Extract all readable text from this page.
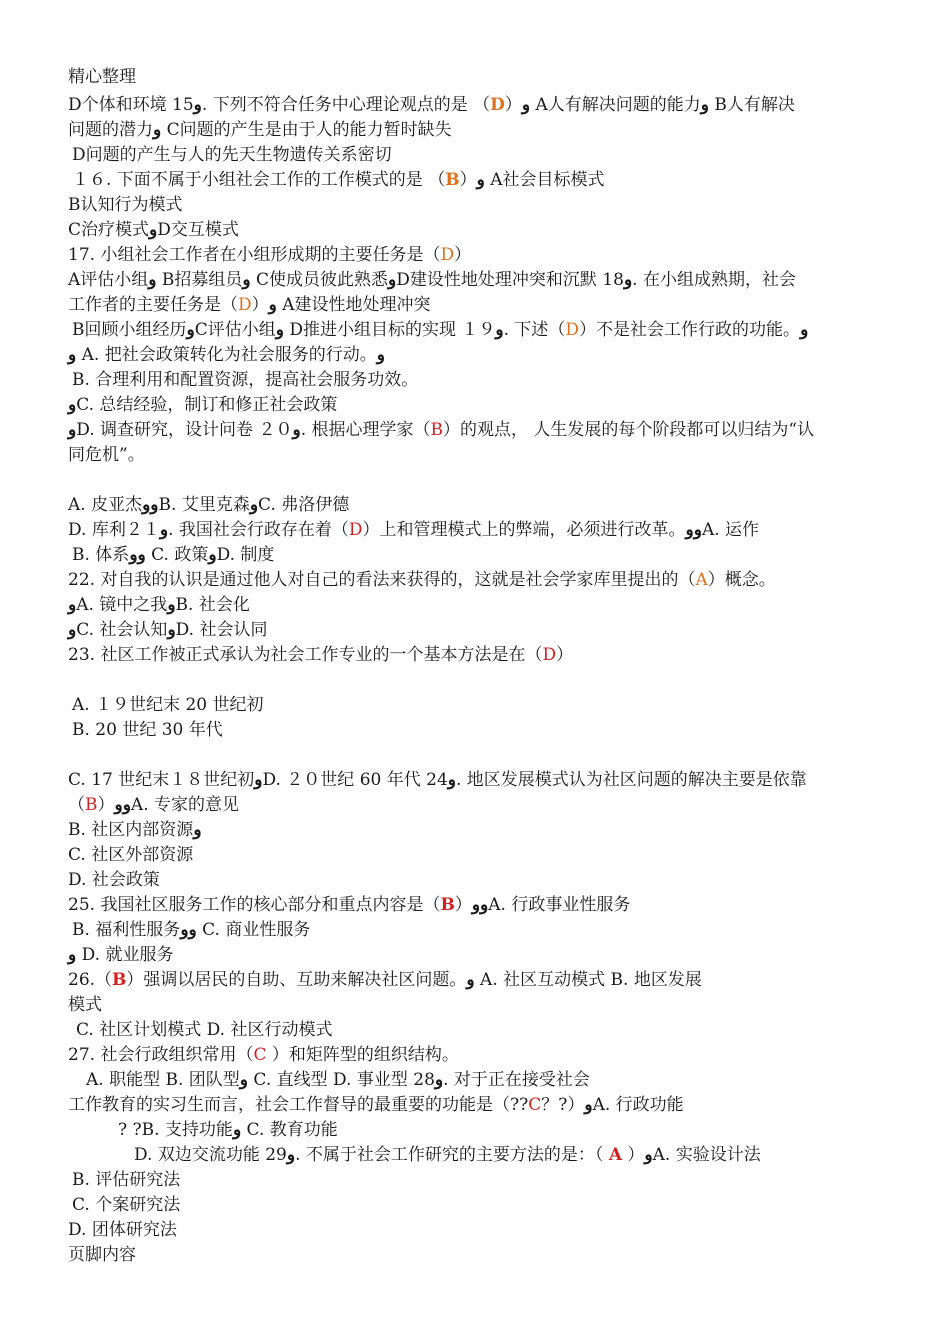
精心整理
D个体和环境 15ﻭ. 下列不符合任务中心理论观点的是 （D）ﻭ A人有解决问题的能力ﻭ B人有解决
问题的潜力ﻭ C问题的产生是由于人的能力暂时缺失
D问题的产生与人的先天生物遗传关系密切
１６. 下面不属于小组社会工作的工作模式的是 （B）ﻭ A社会目标模式
B认知行为模式
C治疗模式ﻭD交互模式
17. 小组社会工作者在小组形成期的主要任务是（D）
A评估小组ﻭ B招募组员ﻭ C使成员彼此熟悉ﻭD建设性地处理冲突和沉默 18ﻭ. 在小组成熟期，社会
工作者的主要任务是（D）ﻭ A建设性地处理冲突
B回顾小组经历ﻭC评估小组ﻭ D推进小组目标的实现 １９ﻭ. 下述（D）不是社会工作行政的功能。ﻭ
ﻭ A. 把社会政策转化为社会服务的行动。ﻭ
B. 合理利用和配置资源，提高社会服务功效。
ﻭC. 总结经验，制订和修正社会政策
ﻭD. 调查研究，设计问卷 ２０ﻭ. 根据心理学家（B）的观点， 人生发展的每个阶段都可以归结为“认
同危机”。
A. 皮亚杰ﻭﻭB. 艾里克森ﻭC. 弗洛伊德
D. 库利２１ﻭ. 我国社会行政存在着（D）上和管理模式上的弊端，必须进行改革。ﻭﻭA. 运作
B. 体系ﻭﻭ C. 政策ﻭD. 制度
22. 对自我的认识是通过他人对自己的看法来获得的，这就是社会学家库里提出的（A）概念。
ﻭA. 镜中之我ﻭB. 社会化
ﻭC. 社会认知ﻭD. 社会认同
23. 社区工作被正式承认为社会工作专业的一个基本方法是在（D）
A. １９世纪末 20 世纪初
B. 20 世纪 30 年代
C. 17 世纪末１８世纪初ﻭD. ２０世纪 60 年代 24ﻭ. 地区发展模式认为社区问题的解决主要是依靠
（B）ﻭﻭA. 专家的意见
B. 社区内部资源ﻭ
C. 社区外部资源
D. 社会政策
25. 我国社区服务工作的核心部分和重点内容是（B）ﻭﻭA. 行政事业性服务
B. 福利性服务ﻭﻭ C. 商业性服务
ﻭ D. 就业服务
26.（B）强调以居民的自助、互助来解决社区问题。ﻭ A. 社区互动模式 B. 地区发展
模式
C. 社区计划模式 D. 社区行动模式
27. 社会行政组织常用（C ）和矩阵型的组织结构。
A. 职能型 B. 团队型ﻭ C. 直线型 D. 事业型 28ﻭ. 对于正在接受社会
工作教育的实习生而言，社会工作督导的最重要的功能是（??C？?）ﻭA. 行政功能
? ?B. 支持功能ﻭ C. 教育功能
D. 双边交流功能 29ﻭ. 不属于社会工作研究的主要方法的是：（ A ）ﻭA. 实验设计法
B. 评估研究法
C. 个案研究法
D. 团体研究法
页脚内容
